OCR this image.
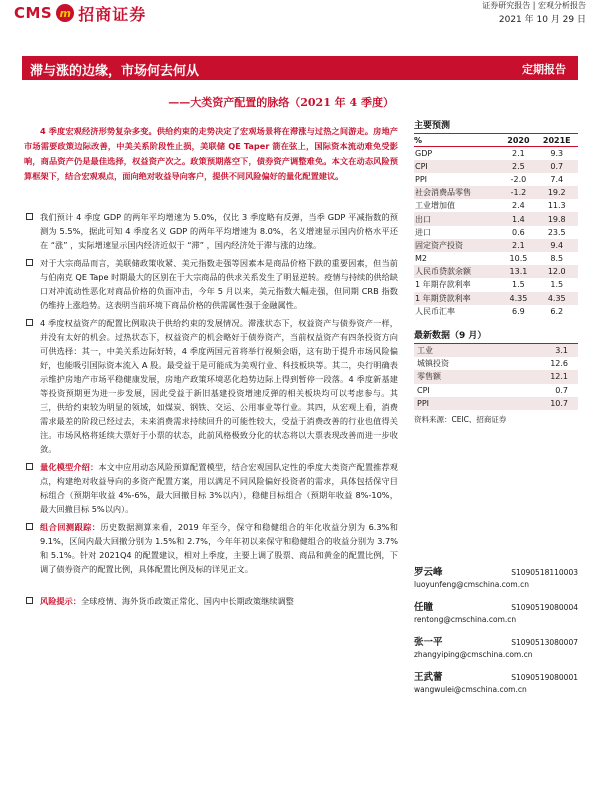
CMS m 招商证券	证券研究报告 | 宏观分析报告
2021 年 10 月 29 日
滞与涨的边缘，市场何去何从	定期报告
——大类资产配置的脉络（2021 年 4 季度）

4 季度宏观经济形势复杂多变。供给约束的走势决定了宏观场景将在滞涨与过热之间游走。房地产市场需要政策边际改善，中美关系阶段性止损，美联储 QE Taper 箭在弦上，国际资本流动难免受影响，商品资产仍是最佳选择，权益资产次之。政策预期落空下，债券资产调整难免。本文在动态风险预算框架下，结合宏观观点，面向绝对收益导向客户，提供不同风险偏好的量化配置建议。

我们预计 4 季度 GDP 的两年平均增速为 5.0%，仅比 3 季度略有反弹，当季 GDP 平减指数的预测为 5.5%，据此可知 4 季度名义 GDP 的两年平均增速为 8.0%，名义增速显示国内价格水平还在 “涨” ，实际增速显示国内经济近似于 “滞” ，国内经济处于滞与涨的边缘。
对于大宗商品而言，美联储政策收紧、美元指数走强等因素本是商品价格下跌的重要因素，但当前与伯南克 QE Tape 时期最大的区别在于大宗商品的供求关系发生了明显逆转。疫情与持续的供给缺口对冲流动性恶化对商品价格的负面冲击，今年 5 月以来，美元指数大幅走强，但同期 CRB 指数仍维持上涨趋势。这表明当前环境下商品价格的供需属性强于金融属性。
4 季度权益资产的配置比例取决于供给约束的发展情况。滞涨状态下，权益资产与债券资产一样，并没有太好的机会。过热状态下，权益资产的机会略好于债券资产，当前权益资产有四条投资方向可供选择：其一，中美关系边际好转，4 季度两国元首将举行视频会晤，这有助于提升市场风险偏好，也能吸引国际资本流入 A 股。最受益于是可能成为美观行业、科技板块等。其二，央行明确表示维护房地产市场平稳健康发展，房地产政策环境恶化趋势边际上得到暂停一段落。4 季度新基建等投资预期更为进一步发展，因此受益于新旧基建投资增速反弹的相关板块均可以考虑参与。其三，供给约束较为明显的领域，如煤炭、钢铁、交运、公用事业等行业。其四，从宏观上看，消费需求最差的阶段已经过去，未来消费需求持续回升的可能性较大，受益于消费改善的行业也值得关注。市场风格将延续大票好于小票的状态，此前风格极致分化的状态将以大票表现改善而进一步收敛。
量化模型介绍：本文中应用动态风险预算配置模型，结合宏观国队定性的季度大类资产配置推荐观点，构建绝对收益导向的多资产配置方案，用以满足不同风险偏好投资者的需求，具体包括保守目标组合（预期年收益 4%-6%，最大回撤目标 3%以内），稳健目标组合（预期年收益 8%-10%，最大回撤目标 5%以内）。
组合回测跟踪：历史数据测算来看，2019 年至今，保守和稳健组合的年化收益分别为 6.3%和 9.1%，区间内最大回撤分别为 1.5%和 2.7%，今年年初以来保守和稳健组合的收益分别为 3.7%和 5.1%。针对 2021Q4 的配置建议，相对上季度，主要上调了股票、商品和黄金的配置比例，下调了债券资产的配置比例，具体配置比例及标的详见正文。
风险提示：全球疫情、海外货币政策正常化、国内中长期政策继续调整
主要预测
%	2020	2021E
GDP	2.1	9.3
CPI	2.5	0.7
PPI	-2.0	7.4
社会消费品零售	-1.2	19.2
工业增加值	2.4	11.3
出口	1.4	19.8
进口	0.6	23.5
固定资产投资	2.1	9.4
M2	10.5	8.5
人民币贷款余额	13.1	12.0
1 年期存款利率	1.5	1.5
1 年期贷款利率	4.35	4.35
人民币汇率	6.9	6.2
最新数据（9 月）
工业	3.1
城镇投资	12.6
零售额	12.1
CPI	0.7
PPI	10.7
资料来源：CEIC、招商证券
罗云峰	S1090518110003
luoyunfeng@cmschina.com.cn
任瞳	S1090519080004
rentong@cmschina.com.cn
张一平	S1090513080007
zhangyiping@cmschina.com.cn
王武蕾	S1090519080001
wangwulei@cmschina.com.cn
